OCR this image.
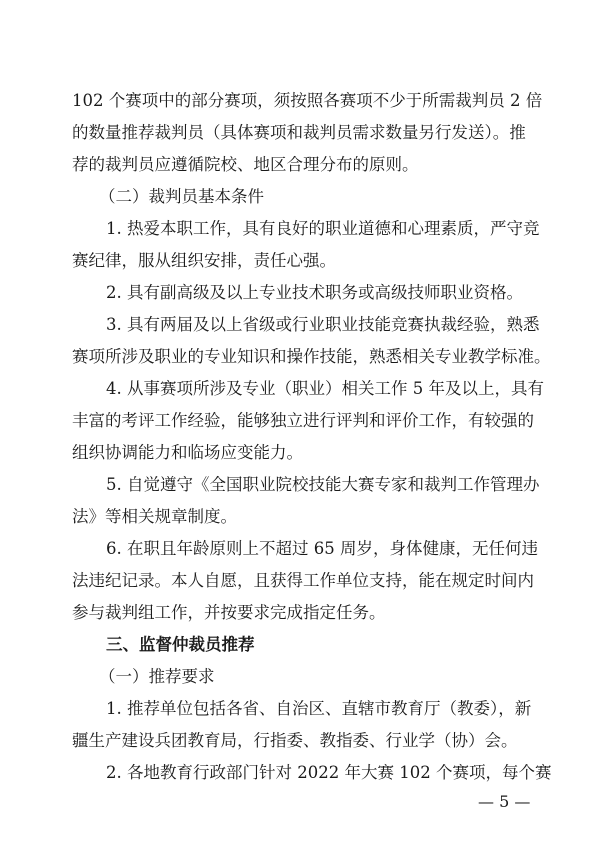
102 个赛项中的部分赛项，须按照各赛项不少于所需裁判员 2 倍
的数量推荐裁判员（具体赛项和裁判员需求数量另行发送）。推
荐的裁判员应遵循院校、地区合理分布的原则。
（二）裁判员基本条件
1. 热爱本职工作，具有良好的职业道德和心理素质，严守竞
赛纪律，服从组织安排，责任心强。
2. 具有副高级及以上专业技术职务或高级技师职业资格。
3. 具有两届及以上省级或行业职业技能竞赛执裁经验，熟悉
赛项所涉及职业的专业知识和操作技能，熟悉相关专业教学标准。
4. 从事赛项所涉及专业（职业）相关工作 5 年及以上，具有
丰富的考评工作经验，能够独立进行评判和评价工作，有较强的
组织协调能力和临场应变能力。
5. 自觉遵守《全国职业院校技能大赛专家和裁判工作管理办
法》等相关规章制度。
6. 在职且年龄原则上不超过 65 周岁，身体健康，无任何违
法违纪记录。本人自愿，且获得工作单位支持，能在规定时间内
参与裁判组工作，并按要求完成指定任务。
三、监督仲裁员推荐
（一）推荐要求
1. 推荐单位包括各省、自治区、直辖市教育厅（教委），新
疆生产建设兵团教育局，行指委、教指委、行业学（协）会。
2. 各地教育行政部门针对 2022 年大赛 102 个赛项，每个赛
— 5 —
